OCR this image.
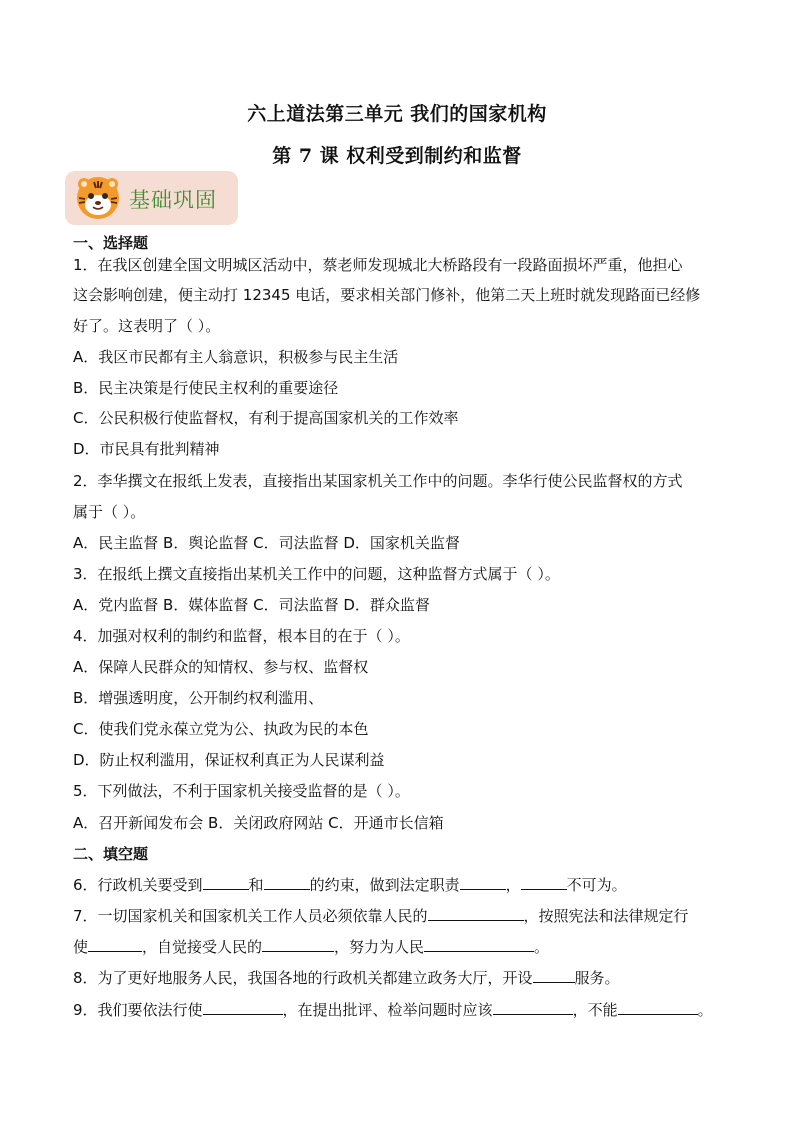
六上道法第三单元 我们的国家机构
第 7 课 权利受到制约和监督
基础巩固
一、选择题
1．在我区创建全国文明城区活动中，蔡老师发现城北大桥路段有一段路面损坏严重，他担心
这会影响创建，便主动打 12345 电话，要求相关部门修补，他第二天上班时就发现路面已经修
好了。这表明了（ ）。
A．我区市民都有主人翁意识，积极参与民主生活
B．民主决策是行使民主权利的重要途径
C．公民积极行使监督权，有利于提高国家机关的工作效率
D．市民具有批判精神
2．李华撰文在报纸上发表，直接指出某国家机关工作中的问题。李华行使公民监督权的方式
属于（ ）。
A．民主监督 B．舆论监督 C．司法监督 D．国家机关监督
3．在报纸上撰文直接指出某机关工作中的问题，这种监督方式属于（ ）。
A．党内监督 B．媒体监督 C．司法监督 D．群众监督
4．加强对权利的制约和监督，根本目的在于（ ）。
A．保障人民群众的知情权、参与权、监督权
B．增强透明度，公开制约权利滥用、
C．使我们党永葆立党为公、执政为民的本色
D．防止权利滥用，保证权利真正为人民谋利益
5．下列做法，不利于国家机关接受监督的是（ ）。
A．召开新闻发布会 B．关闭政府网站 C．开通市长信箱
二、填空题
6．行政机关要受到	和	的约束，做到法定职责	，	不可为。
7．一切国家机关和国家机关工作人员必须依靠人民的	，按照宪法和法律规定行
使	，自觉接受人民的	，努力为人民	。
8．为了更好地服务人民，我国各地的行政机关都建立政务大厅，开设	服务。
9．我们要依法行使	，在提出批评、检举问题时应该	，不能	。
